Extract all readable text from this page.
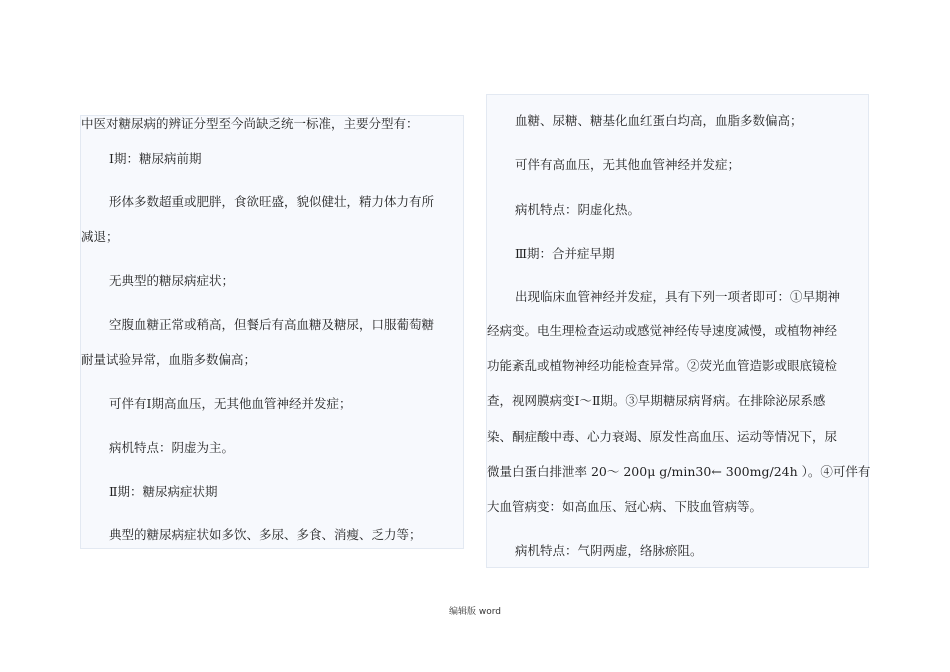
中医对糖尿病的辨证分型至今尚缺乏统一标准，主要分型有：
Ⅰ期：糖尿病前期
形体多数超重或肥胖，食欲旺盛，貌似健壮，精力体力有所
减退；
无典型的糖尿病症状；
空腹血糖正常或稍高，但餐后有高血糖及糖尿，口服葡萄糖
耐量试验异常，血脂多数偏高；
可伴有Ⅰ期高血压，无其他血管神经并发症；
病机特点：阴虚为主。
Ⅱ期：糖尿病症状期
典型的糖尿病症状如多饮、多尿、多食、消瘦、乏力等；
血糖、尿糖、糖基化血红蛋白均高，血脂多数偏高；
可伴有高血压，无其他血管神经并发症；
病机特点：阴虚化热。
Ⅲ期：合并症早期
出现临床血管神经并发症，具有下列一项者即可：①早期神
经病变。电生理检查运动或感觉神经传导速度减慢，或植物神经
功能紊乱或植物神经功能检查异常。②荧光血管造影或眼底镜检
查，视网膜病变Ⅰ～Ⅱ期。③早期糖尿病肾病。在排除泌尿系感
染、酮症酸中毒、心力衰竭、原发性高血压、运动等情况下，尿
微量白蛋白排泄率 20～ 200μ g/min30← 300mg/24h ）。④可伴有
大血管病变：如高血压、冠心病、下肢血管病等。
病机特点：气阴两虚，络脉瘀阻。
编辑版 word
